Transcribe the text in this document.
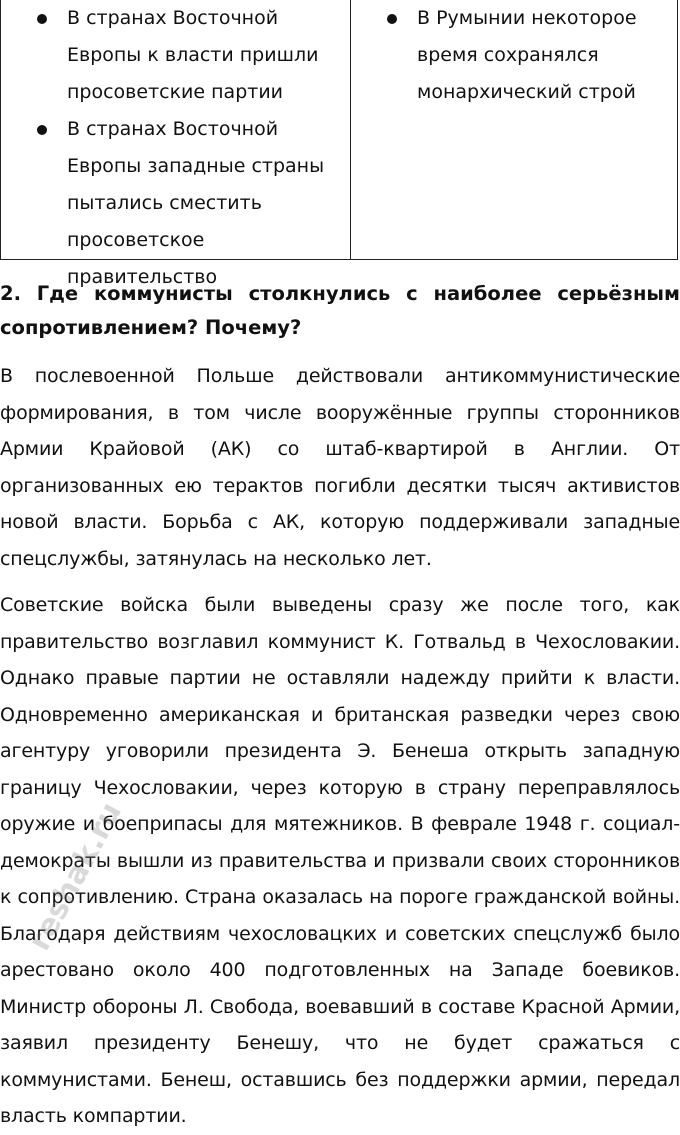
В странах Восточной Европы к власти пришли просоветские партии
В странах Восточной Европы западные страны пытались сместить просоветское правительство
В Румынии некоторое время сохранялся монархический строй
2. Где коммунисты столкнулись с наиболее серьёзным сопротивлением? Почему?
В послевоенной Польше действовали антикоммунистические формирования, в том числе вооружённые группы сторонников Армии Крайовой (АК) со штаб-квартирой в Англии. От организованных ею терактов погибли десятки тысяч активистов новой власти. Борьба с АК, которую поддерживали западные спецслужбы, затянулась на несколько лет.
Советские войска были выведены сразу же после того, как правительство возглавил коммунист К. Готвальд в Чехословакии. Однако правые партии не оставляли надежду прийти к власти. Одновременно американская и британская разведки через свою агентуру уговорили президента Э. Бенеша открыть западную границу Чехословакии, через которую в страну переправлялось оружие и боеприпасы для мятежников. В феврале 1948 г. социал-демократы вышли из правительства и призвали своих сторонников к сопротивлению. Страна оказалась на пороге гражданской войны. Благодаря действиям чехословацких и советских спецслужб было арестовано около 400 подготовленных на Западе боевиков. Министр обороны Л. Свобода, воевавший в составе Красной Армии, заявил президенту Бенешу, что не будет сражаться с коммунистами. Бенеш, оставшись без поддержки армии, передал власть компартии.
reshak.ru
